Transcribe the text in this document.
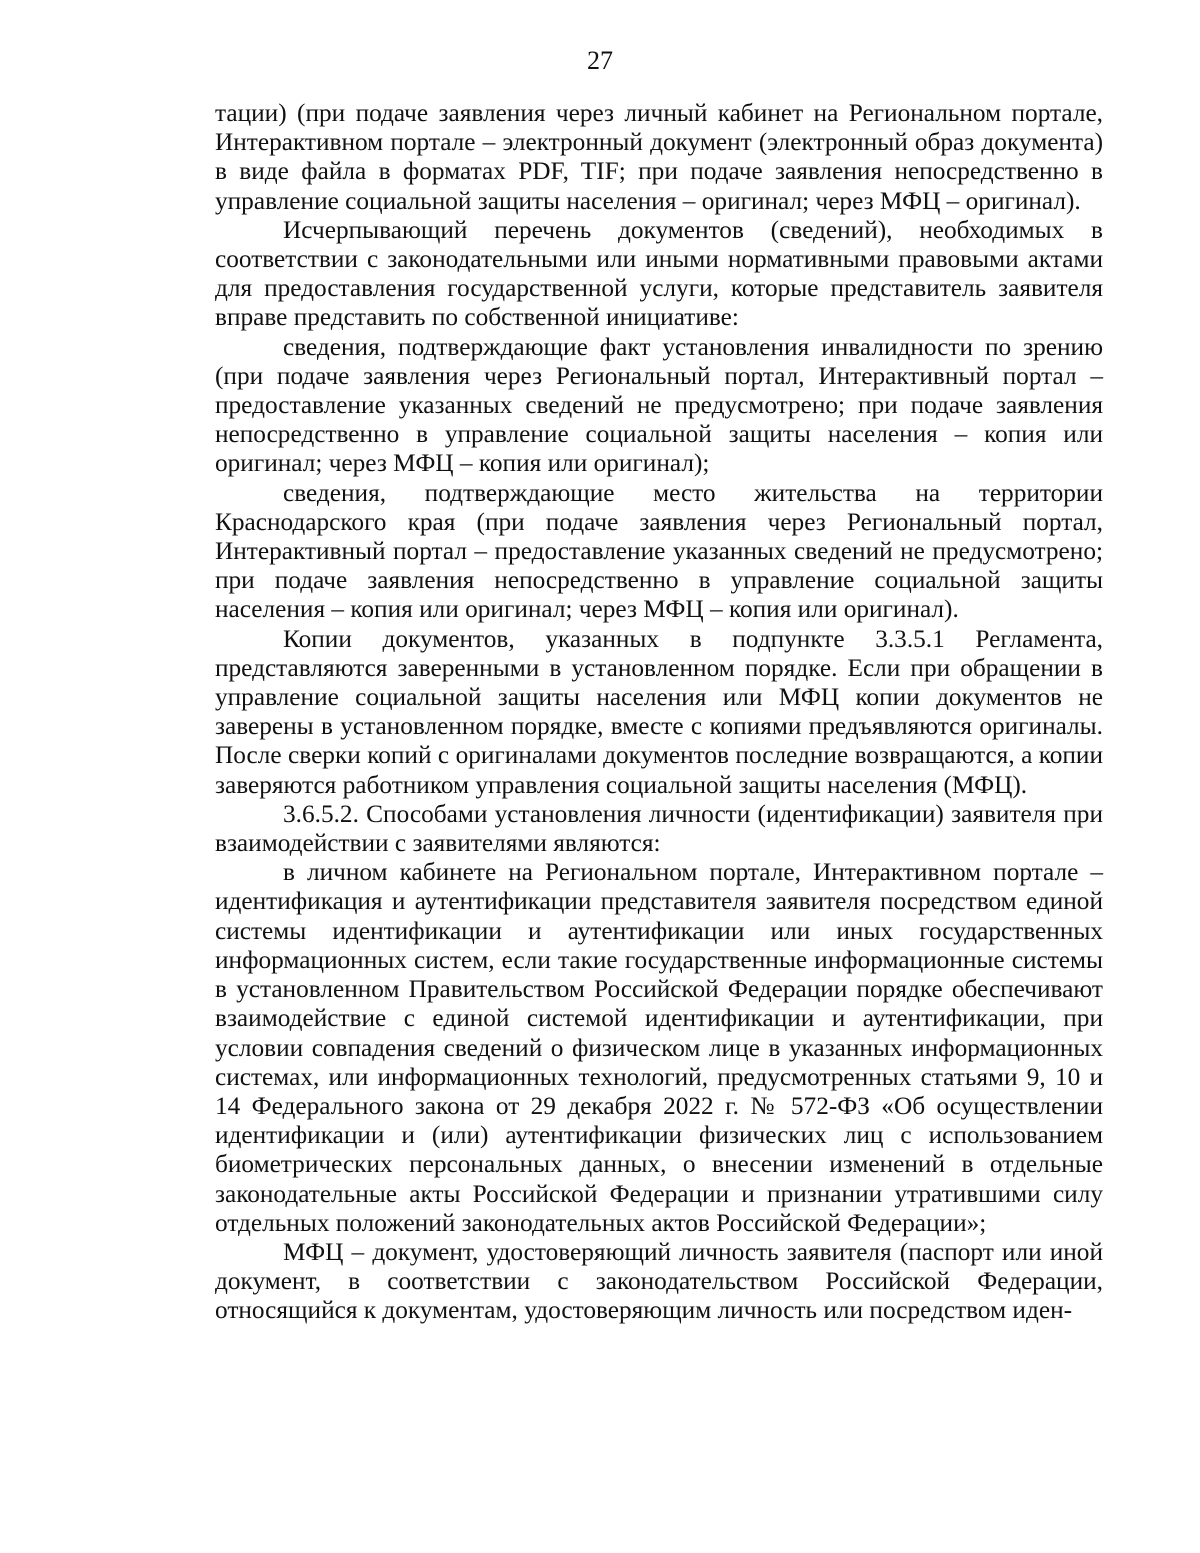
27

тации) (при подаче заявления через личный кабинет на Региональном портале, Интерактивном портале – электронный документ (электронный образ документа) в виде файла в форматах PDF, TIF; при подаче заявления непосредственно в управление социальной защиты населения – оригинал; через МФЦ – оригинал).

Исчерпывающий перечень документов (сведений), необходимых в соответствии с законодательными или иными нормативными правовыми актами для предоставления государственной услуги, которые представитель заявителя вправе представить по собственной инициативе:

сведения, подтверждающие факт установления инвалидности по зрению (при подаче заявления через Региональный портал, Интерактивный портал – предоставление указанных сведений не предусмотрено; при подаче заявления непосредственно в управление социальной защиты населения – копия или оригинал; через МФЦ – копия или оригинал);

сведения, подтверждающие место жительства на территории Краснодарского края (при подаче заявления через Региональный портал, Интерактивный портал – предоставление указанных сведений не предусмотрено; при подаче заявления непосредственно в управление социальной защиты населения – копия или оригинал; через МФЦ – копия или оригинал).

Копии документов, указанных в подпункте 3.3.5.1 Регламента, представляются заверенными в установленном порядке. Если при обращении в управление социальной защиты населения или МФЦ копии документов не заверены в установленном порядке, вместе с копиями предъявляются оригиналы. После сверки копий с оригиналами документов последние возвращаются, а копии заверяются работником управления социальной защиты населения (МФЦ).

3.6.5.2. Способами установления личности (идентификации) заявителя при взаимодействии с заявителями являются:

в личном кабинете на Региональном портале, Интерактивном портале – идентификация и аутентификации представителя заявителя посредством единой системы идентификации и аутентификации или иных государственных информационных систем, если такие государственные информационные системы в установленном Правительством Российской Федерации порядке обеспечивают взаимодействие с единой системой идентификации и аутентификации, при условии совпадения сведений о физическом лице в указанных информационных системах, или информационных технологий, предусмотренных статьями 9, 10 и 14 Федерального закона от 29 декабря 2022 г. № 572-ФЗ «Об осуществлении идентификации и (или) аутентификации физических лиц с использованием биометрических персональных данных, о внесении изменений в отдельные законодательные акты Российской Федерации и признании утратившими силу отдельных положений законодательных актов Российской Федерации»;

МФЦ – документ, удостоверяющий личность заявителя (паспорт или иной документ, в соответствии с законодательством Российской Федерации, относящийся к документам, удостоверяющим личность или посредством иден-
